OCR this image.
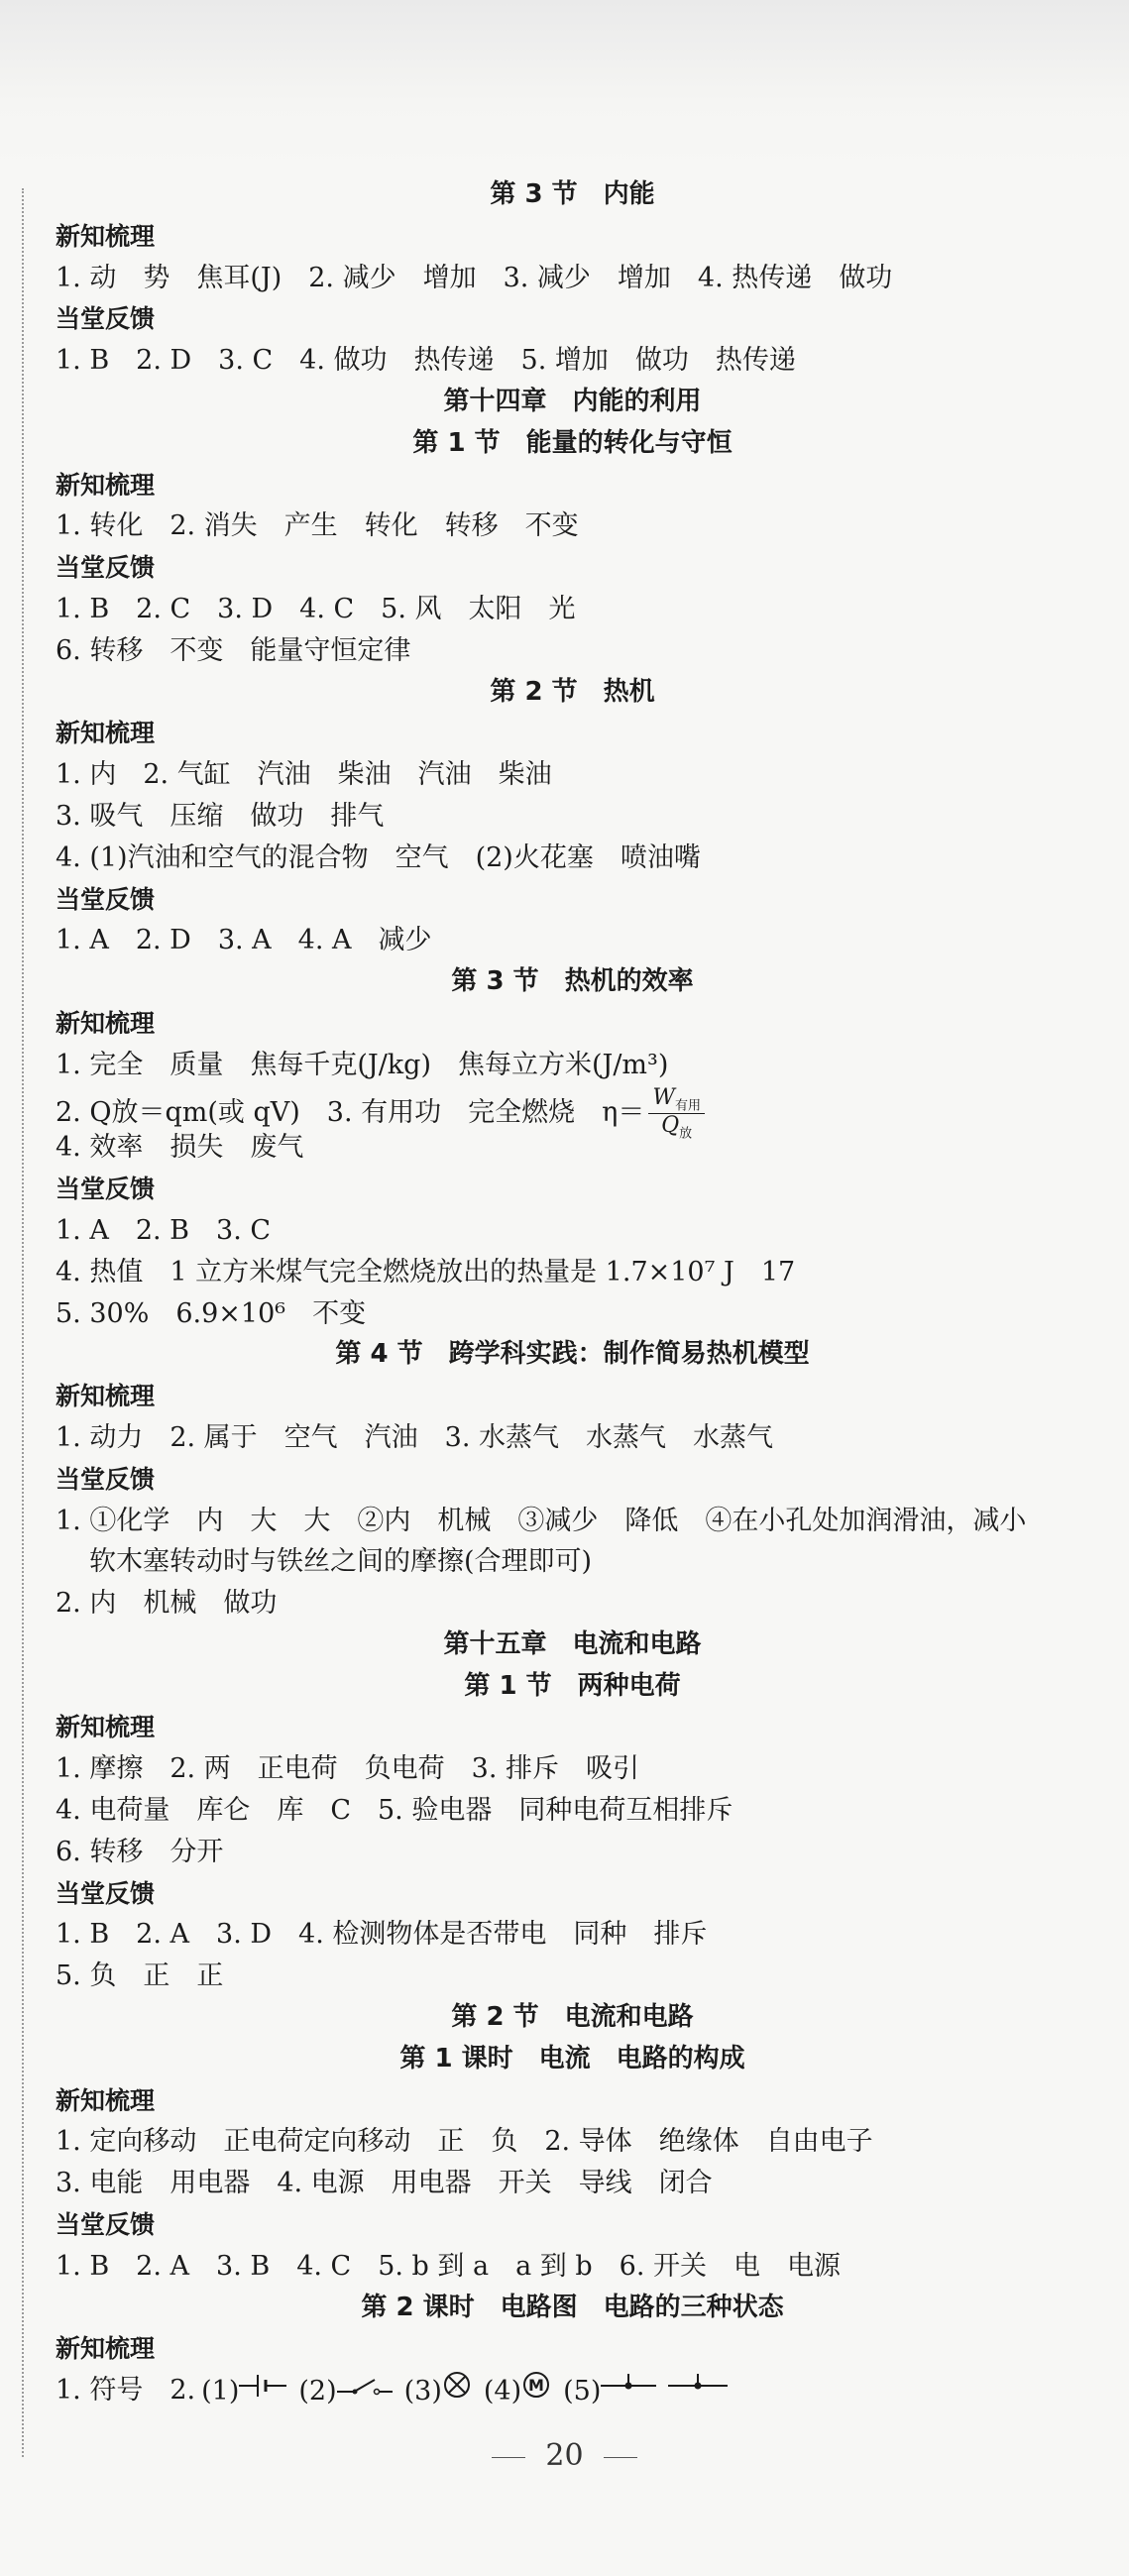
第 3 节　内能
新知梳理
1. 动　势　焦耳(J)　2. 减少　增加　3. 减少　增加　4. 热传递　做功
当堂反馈
1. B　2. D　3. C　4. 做功　热传递　5. 增加　做功　热传递
第十四章　内能的利用
第 1 节　能量的转化与守恒
新知梳理
1. 转化　2. 消失　产生　转化　转移　不变
当堂反馈
1. B　2. C　3. D　4. C　5. 风　太阳　光
6. 转移　不变　能量守恒定律
第 2 节　热机
新知梳理
1. 内　2. 气缸　汽油　柴油　汽油　柴油
3. 吸气　压缩　做功　排气
4. (1)汽油和空气的混合物　空气　(2)火花塞　喷油嘴
当堂反馈
1. A　2. D　3. A　4. A　减少
第 3 节　热机的效率
新知梳理
1. 完全　质量　焦每千克(J/kg)　焦每立方米(J/m³)
2. Q放＝qm(或 qV)　3. 有用功　完全燃烧　$\eta= \frac{W_{有用}}{Q_放}$
4. 效率　损失　废气
当堂反馈
1. A　2. B　3. C
4. 热值　1 立方米煤气完全燃烧放出的热量是 1.7×10⁷ J　17
5. 30%　6.9×10⁶　不变
第 4 节　跨学科实践：制作简易热机模型
新知梳理
1. 动力　2. 属于　空气　汽油　3. 水蒸气　水蒸气　水蒸气
当堂反馈
1. ①化学　内　大　大　②内　机械　③减少　降低　④在小孔处加润滑油，减小
软木塞转动时与铁丝之间的摩擦(合理即可)
2. 内　机械　做功
第十五章　电流和电路
第 1 节　两种电荷
新知梳理
1. 摩擦　2. 两　正电荷　负电荷　3. 排斥　吸引
4. 电荷量　库仑　库　C　5. 验电器　同种电荷互相排斥
6. 转移　分开
当堂反馈
1. B　2. A　3. D　4. 检测物体是否带电　同种　排斥
5. 负　正　正
第 2 节　电流和电路
第 1 课时　电流　电路的构成
新知梳理
1. 定向移动　正电荷定向移动　正　负　2. 导体　绝缘体　自由电子
3. 电能　用电器　4. 电源　用电器　开关　导线　闭合
当堂反馈
1. B　2. A　3. B　4. C　5. b 到 a　a 到 b　6. 开关　电　电源
第 2 课时　电路图　电路的三种状态
新知梳理
1. 符号　2. (1) (2)	(3) (4) M (5)
20
